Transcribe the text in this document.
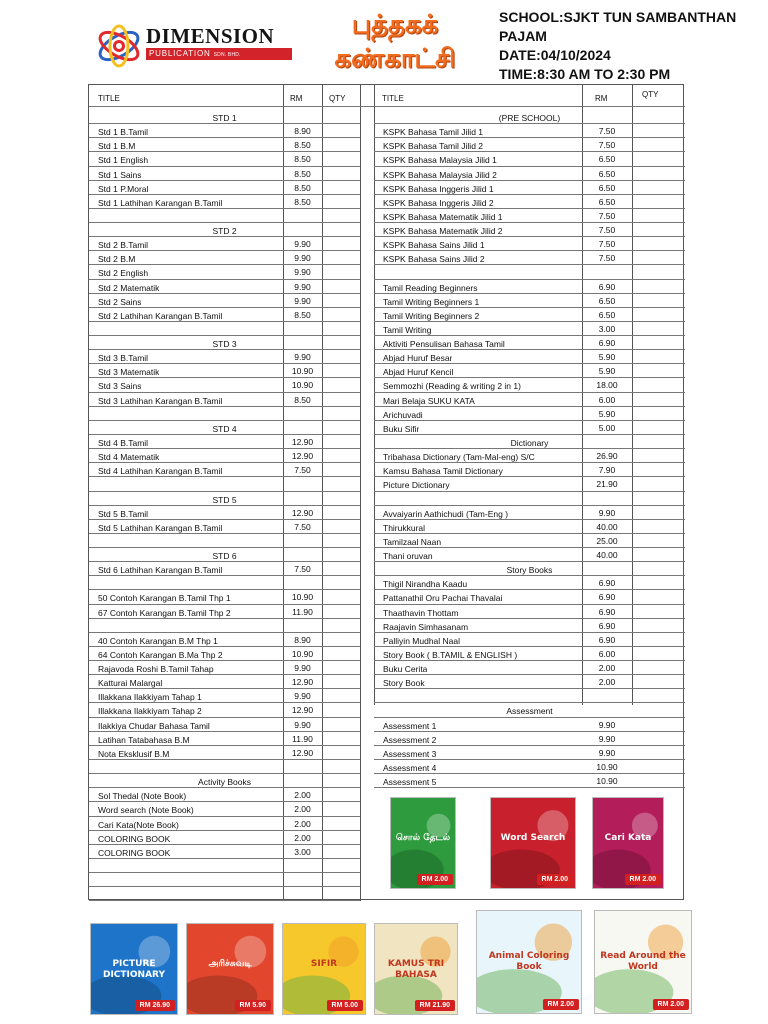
DIMENSION
PUBLICATION SDN. BHD.
புத்தகக்
கண்காட்சி
SCHOOL:SJKT TUN SAMBANTHAN
PAJAM
DATE:04/10/2024
TIME:8:30 AM TO 2:30 PM
TITLE	RM	QTY	TITLE	RM	QTY
STD 1
Std 1 B.Tamil	8.90
Std 1 B.M	8.50
Std 1 English	8.50
Std 1 Sains	8.50
Std 1 P.Moral	8.50
Std 1 Lathihan Karangan B.Tamil	8.50
STD 2
Std 2 B.Tamil	9.90
Std 2 B.M	9.90
Std 2 English	9.90
Std 2 Matematik	9.90
Std 2 Sains	9.90
Std 2 Lathihan Karangan B.Tamil	8.50
STD 3
Std 3 B.Tamil	9.90
Std 3 Matematik	10.90
Std 3 Sains	10.90
Std 3 Lathihan Karangan B.Tamil	8.50
STD 4
Std 4 B.Tamil	12.90
Std 4 Matematik	12.90
Std 4 Lathihan Karangan B.Tamil	7.50
STD 5
Std 5 B.Tamil	12.90
Std 5 Lathihan Karangan B.Tamil	7.50
STD 6
Std 6 Lathihan Karangan B.Tamil	7.50
50 Contoh Karangan B.Tamil Thp 1	10.90
67 Contoh Karangan B.Tamil Thp 2	11.90
40 Contoh Karangan B.M Thp 1	8.90
64 Contoh Karangan B.Ma Thp 2	10.90
Rajavoda Roshi B.Tamil Tahap	9.90
Katturai Malargal	12.90
Illakkana Ilakkiyam Tahap 1	9.90
Illakkana Ilakkiyam Tahap 2	12.90
Ilakkiya Chudar Bahasa Tamil	9.90
Latihan Tatabahasa B.M	11.90
Nota Eksklusif B.M	12.90
Activity Books
Sol Thedal (Note Book)	2.00
Word search (Note Book)	2.00
Cari Kata(Note Book)	2.00
COLORING BOOK	2.00
COLORING BOOK	3.00
(PRE SCHOOL)
KSPK Bahasa Tamil Jilid 1	7.50
KSPK Bahasa Tamil Jilid 2	7.50
KSPK Bahasa Malaysia Jilid 1	6.50
KSPK Bahasa Malaysia Jilid 2	6.50
KSPK Bahasa Inggeris Jilid 1	6.50
KSPK Bahasa Inggeris Jilid 2	6.50
KSPK Bahasa Matematik Jilid 1	7.50
KSPK Bahasa Matematik Jilid 2	7.50
KSPK Bahasa Sains Jilid 1	7.50
KSPK Bahasa Sains Jilid 2	7.50
Tamil Reading Beginners	6.90
Tamil Writing Beginners 1	6.50
Tamil Writing Beginners 2	6.50
Tamil Writing	3.00
Aktiviti Pensulisan Bahasa Tamil	6.90
Abjad Huruf Besar	5.90
Abjad Huruf Kencil	5.90
Semmozhi (Reading & writing 2 in 1)	18.00
Mari Belaja SUKU KATA	6.00
Arichuvadi	5.90
Buku Sifir	5.00
Dictionary
Tribahasa Dictionary (Tam-Mal-eng) S/C	26.90
Kamsu Bahasa Tamil Dictionary	7.90
Picture Dictionary	21.90
Avvaiyarin Aathichudi (Tam-Eng )	9.90
Thirukkural	40.00
Tamilzaal Naan	25.00
Thani oruvan	40.00
Story Books
Thigil Nirandha Kaadu	6.90
Pattanathil Oru Pachai Thavalai	6.90
Thaathavin Thottam	6.90
Raajavin Simhasanam	6.90
Palliyin Mudhal Naal	6.90
Story Book ( B.TAMIL & ENGLISH )	6.00
Buku Cerita	2.00
Story Book	2.00
Assessment
Assessment 1	9.90
Assessment 2	9.90
Assessment 3	9.90
Assessment 4	10.90
Assessment 5	10.90
சொல் தேடல்
RM 2.00
Word Search
RM 2.00
Cari Kata
RM 2.00
PICTURE DICTIONARY
RM 26.90
அரிச்சுவடி
RM 5.90
SIFIR
RM 5.00
KAMUS TRI BAHASA
RM 21.90
Animal Coloring Book
RM 2.00
Read Around the World
RM 2.00
